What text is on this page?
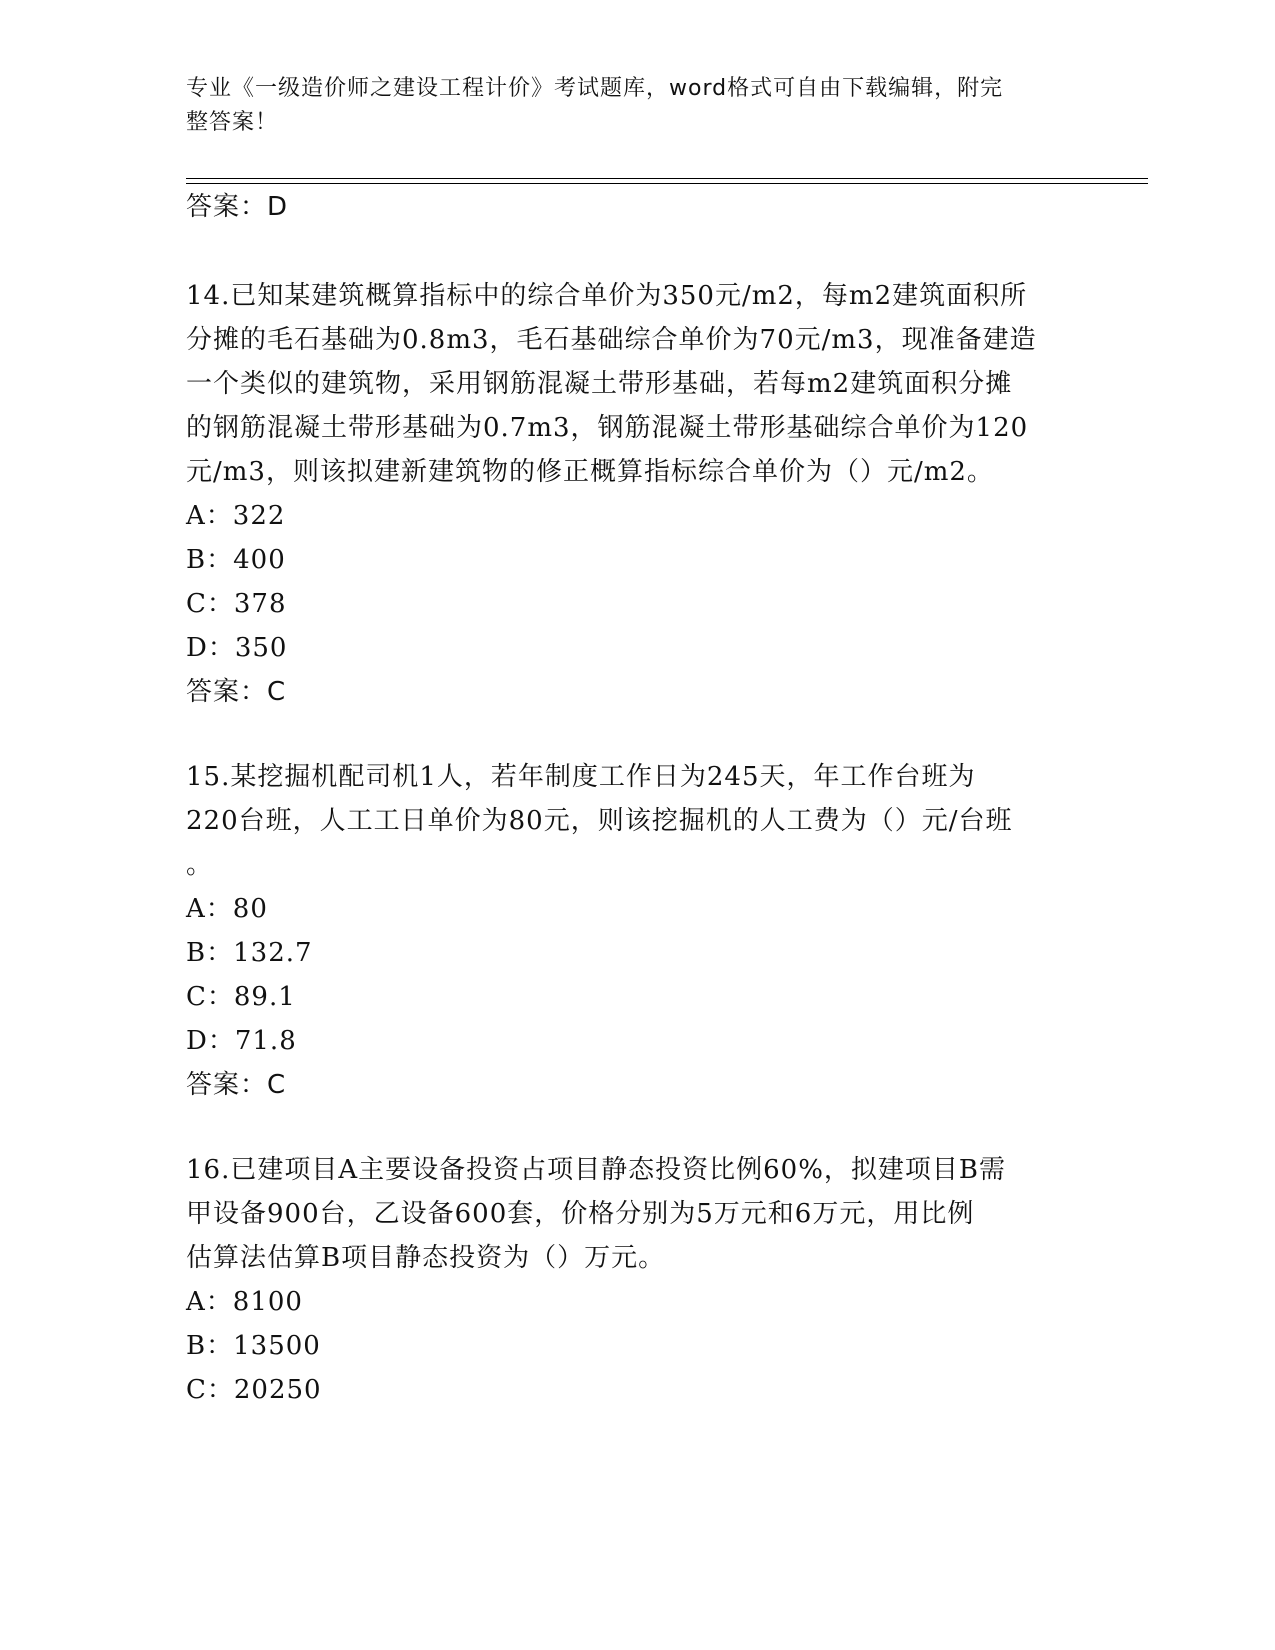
专业《一级造价师之建设工程计价》考试题库，word格式可自由下载编辑，附完
整答案！
答案：D
14.已知某建筑概算指标中的综合单价为350元/m2，每m2建筑面积所
分摊的毛石基础为0.8m3，毛石基础综合单价为70元/m3，现准备建造
一个类似的建筑物，采用钢筋混凝土带形基础，若每m2建筑面积分摊
的钢筋混凝土带形基础为0.7m3，钢筋混凝土带形基础综合单价为120
元/m3，则该拟建新建筑物的修正概算指标综合单价为（）元/m2。
A：322
B：400
C：378
D：350
答案：C
15.某挖掘机配司机1人，若年制度工作日为245天，年工作台班为
220台班，人工工日单价为80元，则该挖掘机的人工费为（）元/台班
。
A：80
B：132.7
C：89.1
D：71.8
答案：C
16.已建项目A主要设备投资占项目静态投资比例60%，拟建项目B需
甲设备900台，乙设备600套，价格分别为5万元和6万元，用比例
估算法估算B项目静态投资为（）万元。
A：8100
B：13500
C：20250
